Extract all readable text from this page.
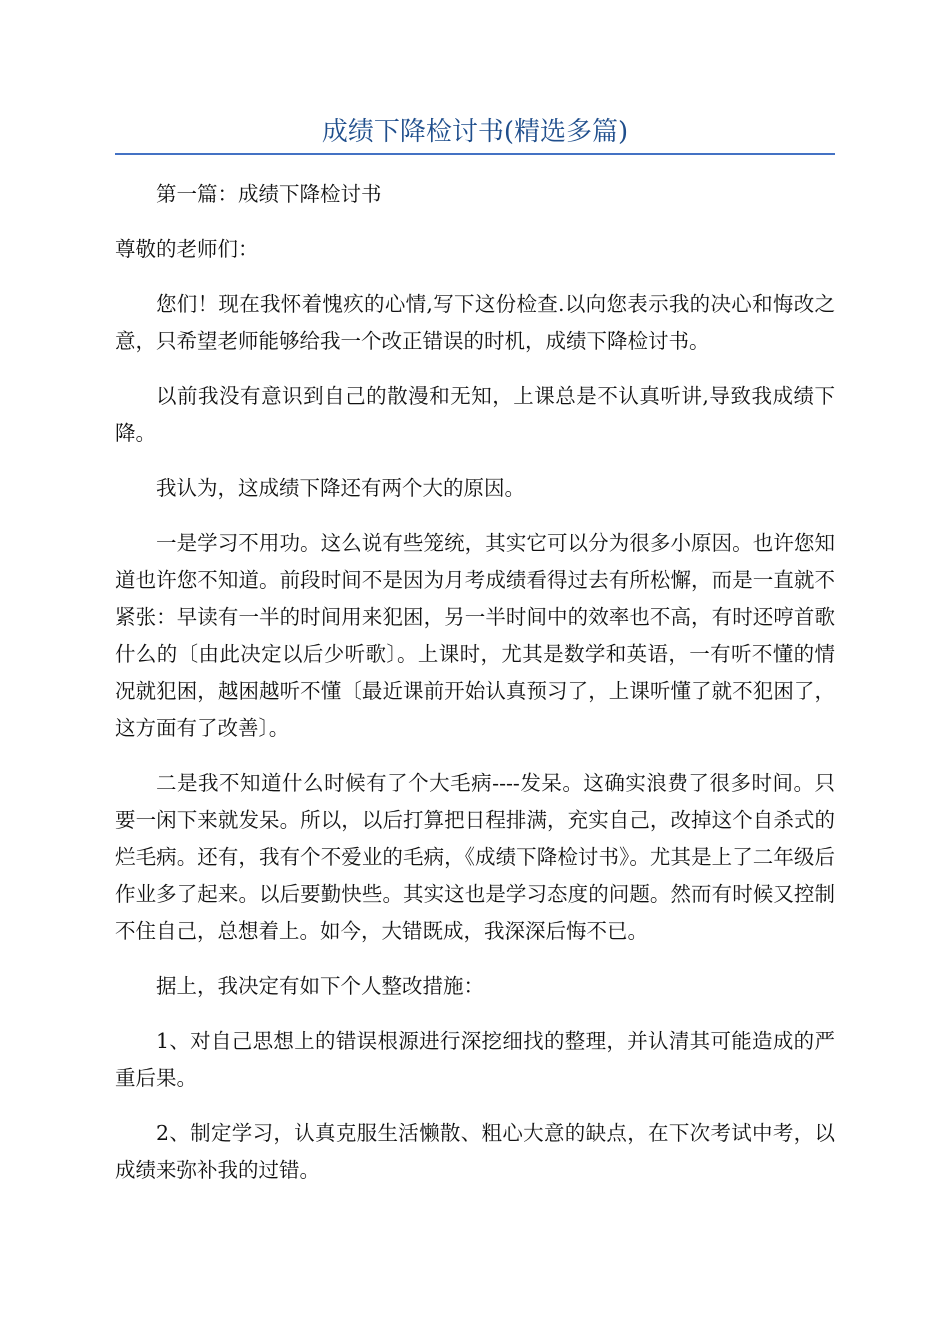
成绩下降检讨书(精选多篇)

第一篇：成绩下降检讨书

尊敬的老师们：

您们！现在我怀着愧疚的心情,写下这份检查.以向您表示我的决心和悔改之意，只希望老师能够给我一个改正错误的时机，成绩下降检讨书。

以前我没有意识到自己的散漫和无知，上课总是不认真听讲,导致我成绩下降。

我认为，这成绩下降还有两个大的原因。

一是学习不用功。这么说有些笼统，其实它可以分为很多小原因。也许您知道也许您不知道。前段时间不是因为月考成绩看得过去有所松懈，而是一直就不紧张：早读有一半的时间用来犯困，另一半时间中的效率也不高，有时还哼首歌什么的〔由此决定以后少听歌〕。上课时，尤其是数学和英语，一有听不懂的情况就犯困，越困越听不懂〔最近课前开始认真预习了，上课听懂了就不犯困了，这方面有了改善〕。

二是我不知道什么时候有了个大毛病----发呆。这确实浪费了很多时间。只要一闲下来就发呆。所以，以后打算把日程排满，充实自己，改掉这个自杀式的烂毛病。还有，我有个不爱业的毛病，《成绩下降检讨书》。尤其是上了二年级后作业多了起来。以后要勤快些。其实这也是学习态度的问题。然而有时候又控制不住自己，总想着上。如今，大错既成，我深深后悔不已。

据上，我决定有如下个人整改措施：

1、对自己思想上的错误根源进行深挖细找的整理，并认清其可能造成的严重后果。

2、制定学习，认真克服生活懒散、粗心大意的缺点，在下次考试中考，以成绩来弥补我的过错。
